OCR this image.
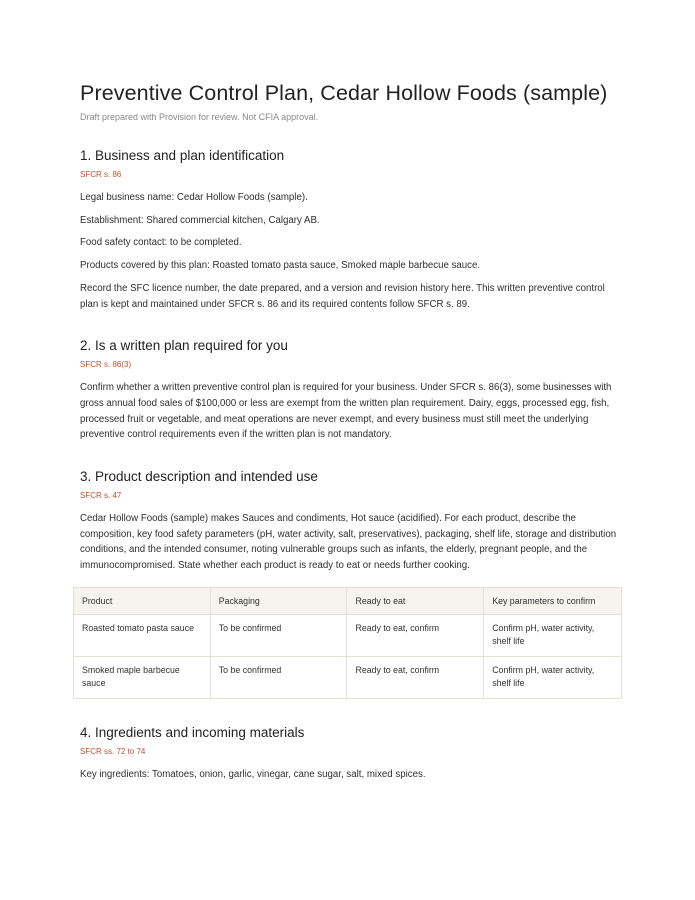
Preventive Control Plan, Cedar Hollow Foods (sample)
Draft prepared with Provision for review. Not CFIA approval.
1. Business and plan identification
SFCR s. 86

Legal business name: Cedar Hollow Foods (sample).

Establishment: Shared commercial kitchen, Calgary AB.

Food safety contact: to be completed.

Products covered by this plan: Roasted tomato pasta sauce, Smoked maple barbecue sauce.

Record the SFC licence number, the date prepared, and a version and revision history here. This written preventive control plan is kept and maintained under SFCR s. 86 and its required contents follow SFCR s. 89.

2. Is a written plan required for you
SFCR s. 86(3)

Confirm whether a written preventive control plan is required for your business. Under SFCR s. 86(3), some businesses with gross annual food sales of $100,000 or less are exempt from the written plan requirement. Dairy, eggs, processed egg, fish, processed fruit or vegetable, and meat operations are never exempt, and every business must still meet the underlying preventive control requirements even if the written plan is not mandatory.

3. Product description and intended use
SFCR s. 47

Cedar Hollow Foods (sample) makes Sauces and condiments, Hot sauce (acidified). For each product, describe the composition, key food safety parameters (pH, water activity, salt, preservatives), packaging, shelf life, storage and distribution conditions, and the intended consumer, noting vulnerable groups such as infants, the elderly, pregnant people, and the immunocompromised. State whether each product is ready to eat or needs further cooking.

Product	Packaging	Ready to eat	Key parameters to confirm
Roasted tomato pasta sauce	To be confirmed	Ready to eat, confirm	Confirm pH, water activity, shelf life
Smoked maple barbecue sauce	To be confirmed	Ready to eat, confirm	Confirm pH, water activity, shelf life
4. Ingredients and incoming materials
SFCR ss. 72 to 74

Key ingredients: Tomatoes, onion, garlic, vinegar, cane sugar, salt, mixed spices.
